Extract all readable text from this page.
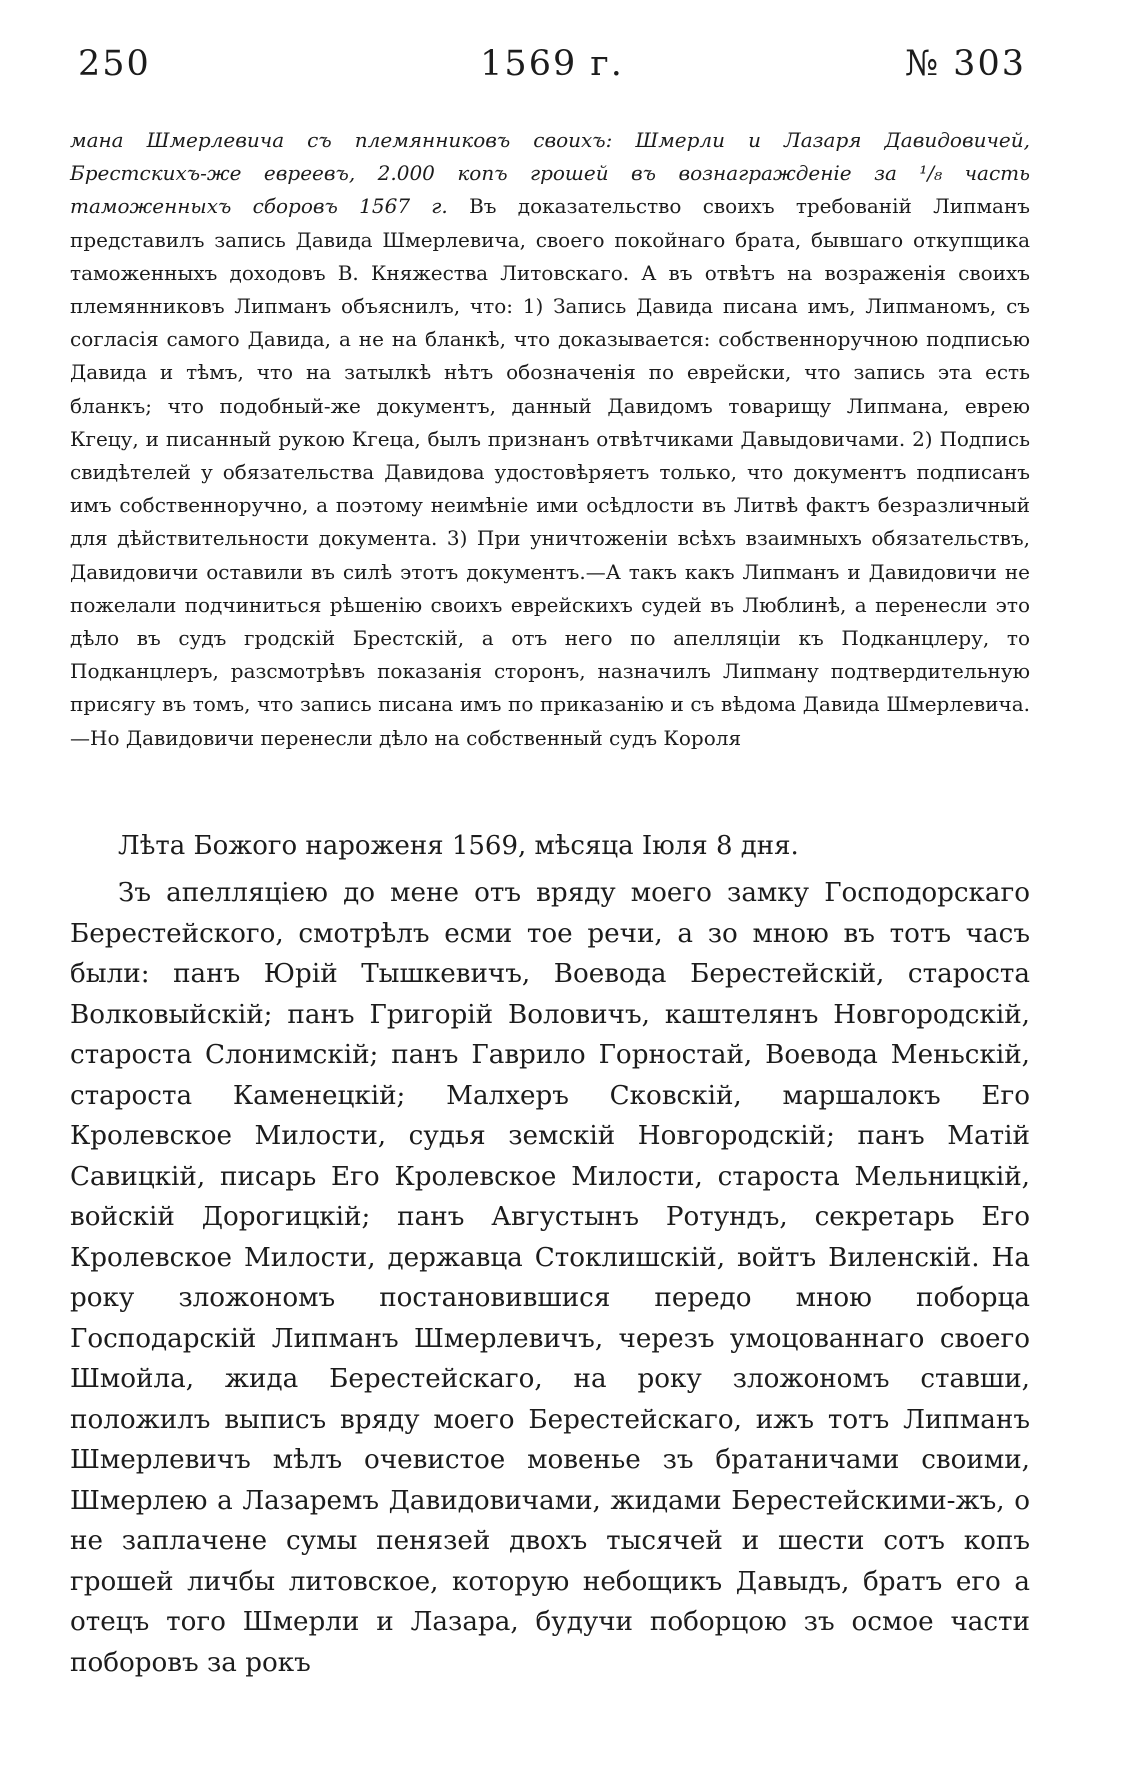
1569 г.
250	№ 303

мана Шмерлевича съ племянниковъ своихъ: Шмерли и Лазаря Давидовичей, Брестскихъ-же евреевъ, 2.000 копъ грошей въ вознагражденіе за ¹/₈ часть таможенныхъ сборовъ 1567 г. Въ доказательство своихъ требованій Липманъ представилъ запись Давида Шмерлевича, своего покойнаго брата, бывшаго откупщика таможенныхъ доходовъ В. Княжества Литовскаго. А въ отвѣтъ на возраженія своихъ племянниковъ Липманъ объяснилъ, что: 1) Запись Давида писана имъ, Липманомъ, съ согласія самого Давида, а не на бланкѣ, что доказывается: собственноручною подписью Давида и тѣмъ, что на затылкѣ нѣтъ обозначенія по еврейски, что запись эта есть бланкъ; что подобный-же документъ, данный Давидомъ товарищу Липмана, еврею Кгецу, и писанный рукою Кгеца, былъ признанъ отвѣтчиками Давыдовичами. 2) Подпись свидѣтелей у обязательства Давидова удостовѣряетъ только, что документъ подписанъ имъ собственноручно, а поэтому неимѣніе ими осѣдлости въ Литвѣ фактъ безразличный для дѣйствительности документа. 3) При уничтоженіи всѣхъ взаимныхъ обязательствъ, Давидовичи оставили въ силѣ этотъ документъ.—А такъ какъ Липманъ и Давидовичи не пожелали подчиниться рѣшенію своихъ еврейскихъ судей въ Люблинѣ, а перенесли это дѣло въ судъ гродскій Брестскій, а отъ него по апелляціи къ Подканцлеру, то Подканцлеръ, разсмотрѣвъ показанія сторонъ, назначилъ Липману подтвердительную присягу въ томъ, что запись писана имъ по приказанію и съ вѣдома Давида Шмерлевича.—Но Давидовичи перенесли дѣло на собственный судъ Короля

Лѣта Божого нароженя 1569, мѣсяца Іюля 8 дня.

Зъ апелляціею до мене отъ вряду моего замку Господорскаго Берестейского, смотрѣлъ есми тое речи, а зо мною въ тотъ часъ были: панъ Юрій Тышкевичъ, Воевода Берестейскій, староста Волковыйскій; панъ Григорій Воловичъ, каштелянъ Новгородскій, староста Слонимскій; панъ Гаврило Горностай, Воевода Меньскій, староста Каменецкій; Малхеръ Сковскій, маршалокъ Его Кролевское Милости, судья земскій Новгородскій; панъ Матій Савицкій, писарь Его Кролевское Милости, староста Мельницкій, войскій Дорогицкій; панъ Августынъ Ротундъ, секретарь Его Кролевское Милости, державца Стоклишскій, войтъ Виленскій. На року зложономъ постановившися передо мною поборца Господарскій Липманъ Шмерлевичъ, черезъ умоцованнаго своего Шмойла, жида Берестейскаго, на року зложономъ ставши, положилъ выписъ вряду моего Берестейскаго, ижъ тотъ Липманъ Шмерлевичъ мѣлъ очевистое мовенье зъ братаничами своими, Шмерлею а Лазаремъ Давидовичами, жидами Берестейскими-жъ, о не заплачене сумы пенязей двохъ тысячей и шести сотъ копъ грошей личбы литовское, которую небощикъ Давыдъ, братъ его а отецъ того Шмерли и Лазара, будучи поборцою зъ осмое части поборовъ за рокъ
